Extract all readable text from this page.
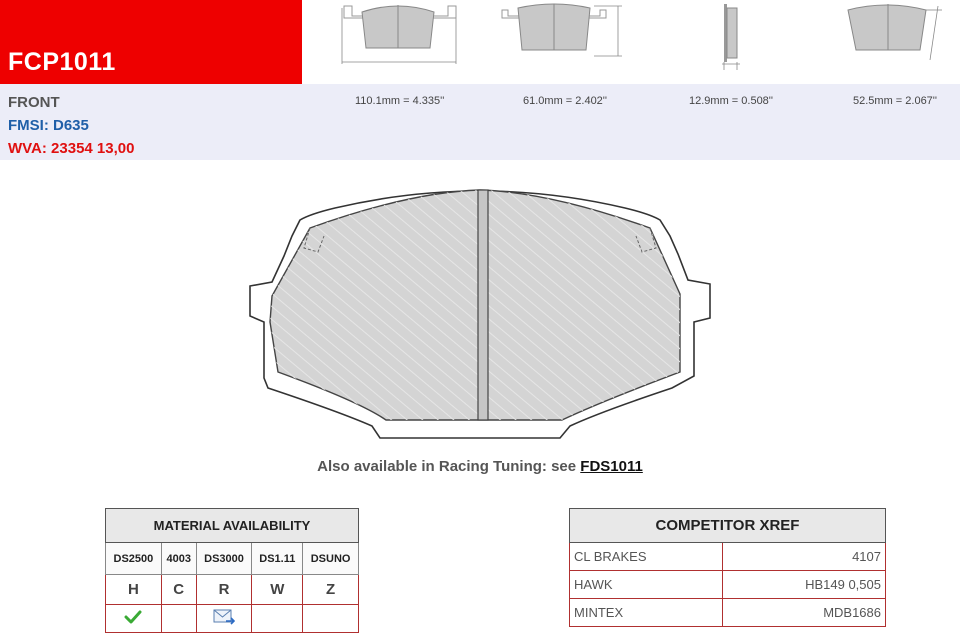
FCP1011
FRONT
FMSI: D635
WVA: 23354 13,00
110.1mm = 4.335''	61.0mm = 2.402''	12.9mm = 0.508''	52.5mm = 2.067''
Also available in Racing Tuning: see FDS1011
MATERIAL AVAILABILITY				
DS2500	4003	DS3000	DS1.11	DSUNO
H	C	R	W	Z

COMPETITOR XREF	
CL BRAKES	4107
HAWK	HB149 0,505
MINTEX	MDB1686
